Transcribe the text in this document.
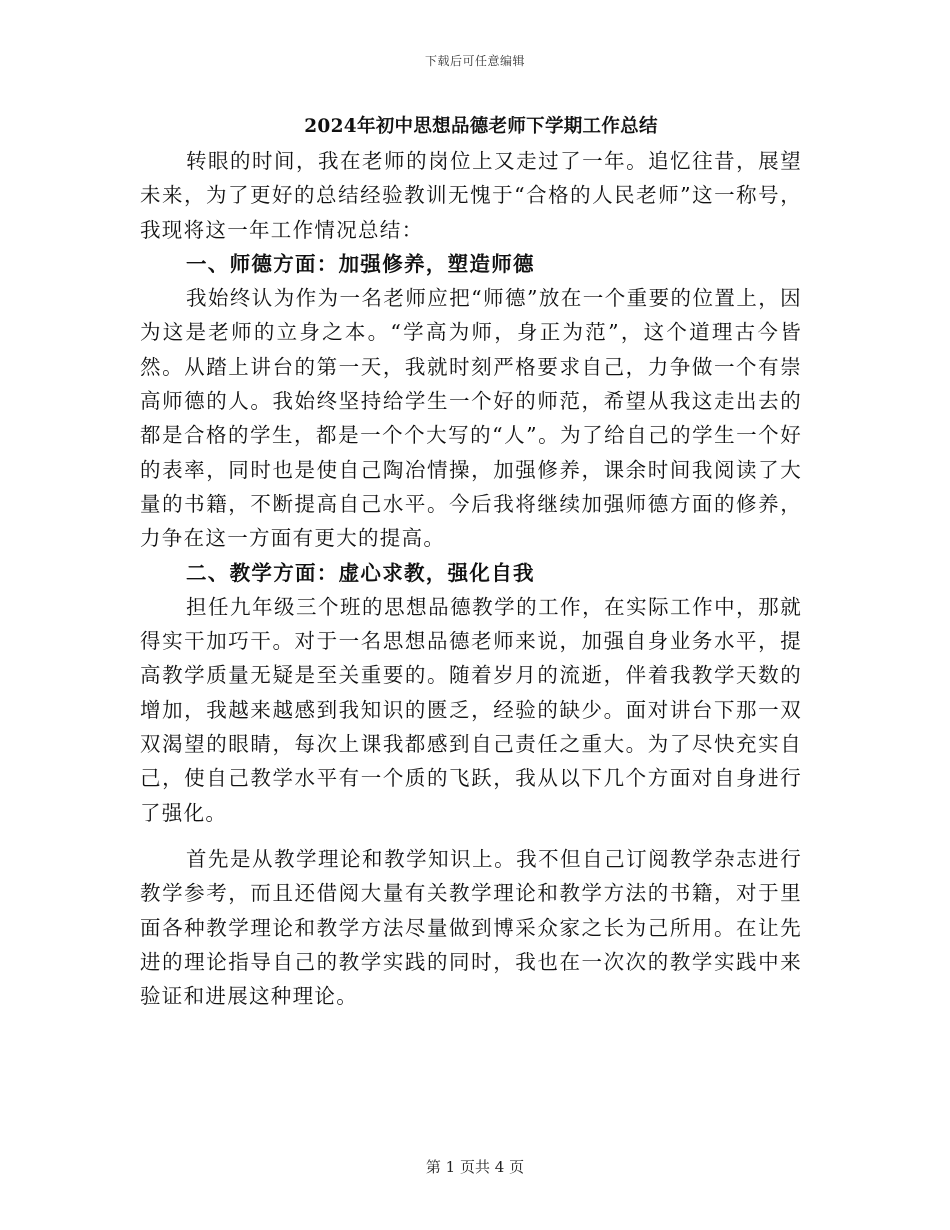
下载后可任意编辑
2024年初中思想品德老师下学期工作总结

转眼的时间，我在老师的岗位上又走过了一年。追忆往昔，展望未来，为了更好的总结经验教训无愧于“合格的人民老师”这一称号，我现将这一年工作情况总结：

一、师德方面：加强修养，塑造师德

我始终认为作为一名老师应把“师德”放在一个重要的位置上，因为这是老师的立身之本。“学高为师，身正为范”，这个道理古今皆然。从踏上讲台的第一天，我就时刻严格要求自己，力争做一个有崇高师德的人。我始终坚持给学生一个好的师范，希望从我这走出去的都是合格的学生，都是一个个大写的“人”。为了给自己的学生一个好的表率，同时也是使自己陶冶情操，加强修养，课余时间我阅读了大量的书籍，不断提高自己水平。今后我将继续加强师德方面的修养，力争在这一方面有更大的提高。

二、教学方面：虚心求教，强化自我

担任九年级三个班的思想品德教学的工作，在实际工作中，那就得实干加巧干。对于一名思想品德老师来说，加强自身业务水平，提高教学质量无疑是至关重要的。随着岁月的流逝，伴着我教学天数的增加，我越来越感到我知识的匮乏，经验的缺少。面对讲台下那一双双渴望的眼睛，每次上课我都感到自己责任之重大。为了尽快充实自己，使自己教学水平有一个质的飞跃，我从以下几个方面对自身进行了强化。

首先是从教学理论和教学知识上。我不但自己订阅教学杂志进行教学参考，而且还借阅大量有关教学理论和教学方法的书籍，对于里面各种教学理论和教学方法尽量做到博采众家之长为己所用。在让先进的理论指导自己的教学实践的同时，我也在一次次的教学实践中来验证和进展这种理论。

第 1 页共 4 页
